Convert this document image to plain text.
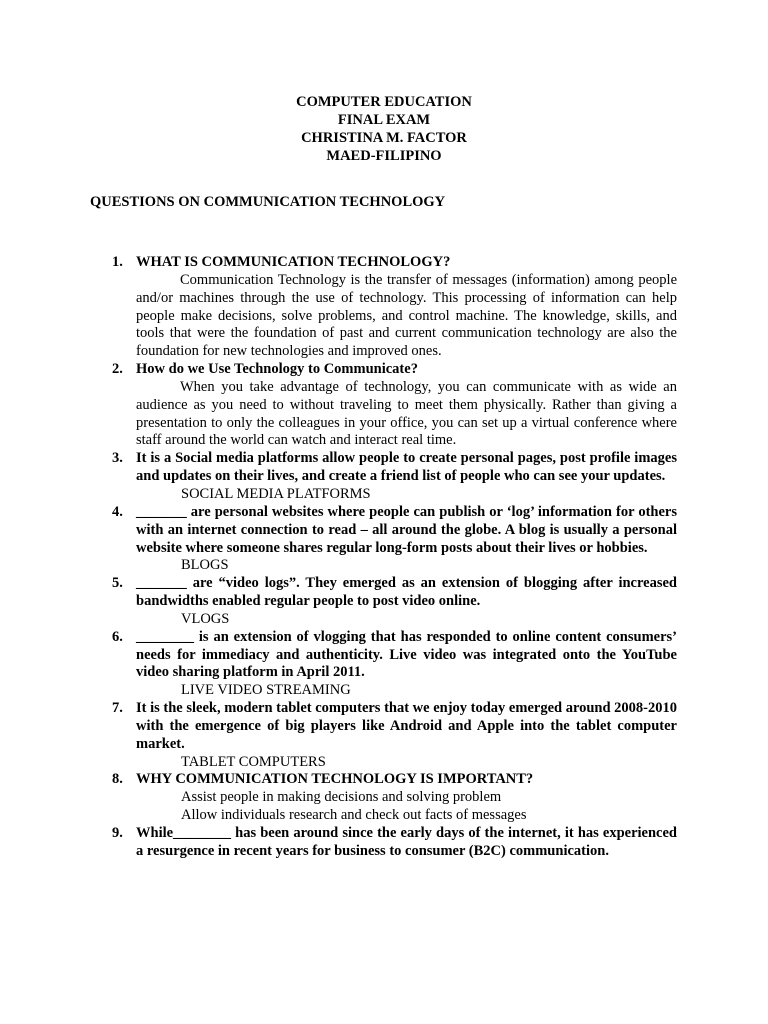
COMPUTER EDUCATION
FINAL EXAM
CHRISTINA M. FACTOR
MAED-FILIPINO
QUESTIONS ON COMMUNICATION TECHNOLOGY
1. WHAT IS COMMUNICATION TECHNOLOGY?
Communication Technology is the transfer of messages (information) among people and/or machines through the use of technology. This processing of information can help people make decisions, solve problems, and control machine. The knowledge, skills, and tools that were the foundation of past and current communication technology are also the foundation for new technologies and improved ones.
2. How do we Use Technology to Communicate?
When you take advantage of technology, you can communicate with as wide an audience as you need to without traveling to meet them physically. Rather than giving a presentation to only the colleagues in your office, you can set up a virtual conference where staff around the world can watch and interact real time.
3. It is a Social media platforms allow people to create personal pages, post profile images and updates on their lives, and create a friend list of people who can see your updates.
SOCIAL MEDIA PLATFORMS
4. _______ are personal websites where people can publish or ‘log’ information for others with an internet connection to read – all around the globe. A blog is usually a personal website where someone shares regular long-form posts about their lives or hobbies.
BLOGS
5. _______ are “video logs”. They emerged as an extension of blogging after increased bandwidths enabled regular people to post video online.
VLOGS
6. ________ is an extension of vlogging that has responded to online content consumers’ needs for immediacy and authenticity. Live video was integrated onto the YouTube video sharing platform in April 2011.
LIVE VIDEO STREAMING
7. It is the sleek, modern tablet computers that we enjoy today emerged around 2008-2010 with the emergence of big players like Android and Apple into the tablet computer market.
TABLET COMPUTERS
8. WHY COMMUNICATION TECHNOLOGY IS IMPORTANT?
Assist people in making decisions and solving problem
Allow individuals research and check out facts of messages
9. While________ has been around since the early days of the internet, it has experienced a resurgence in recent years for business to consumer (B2C) communication.
